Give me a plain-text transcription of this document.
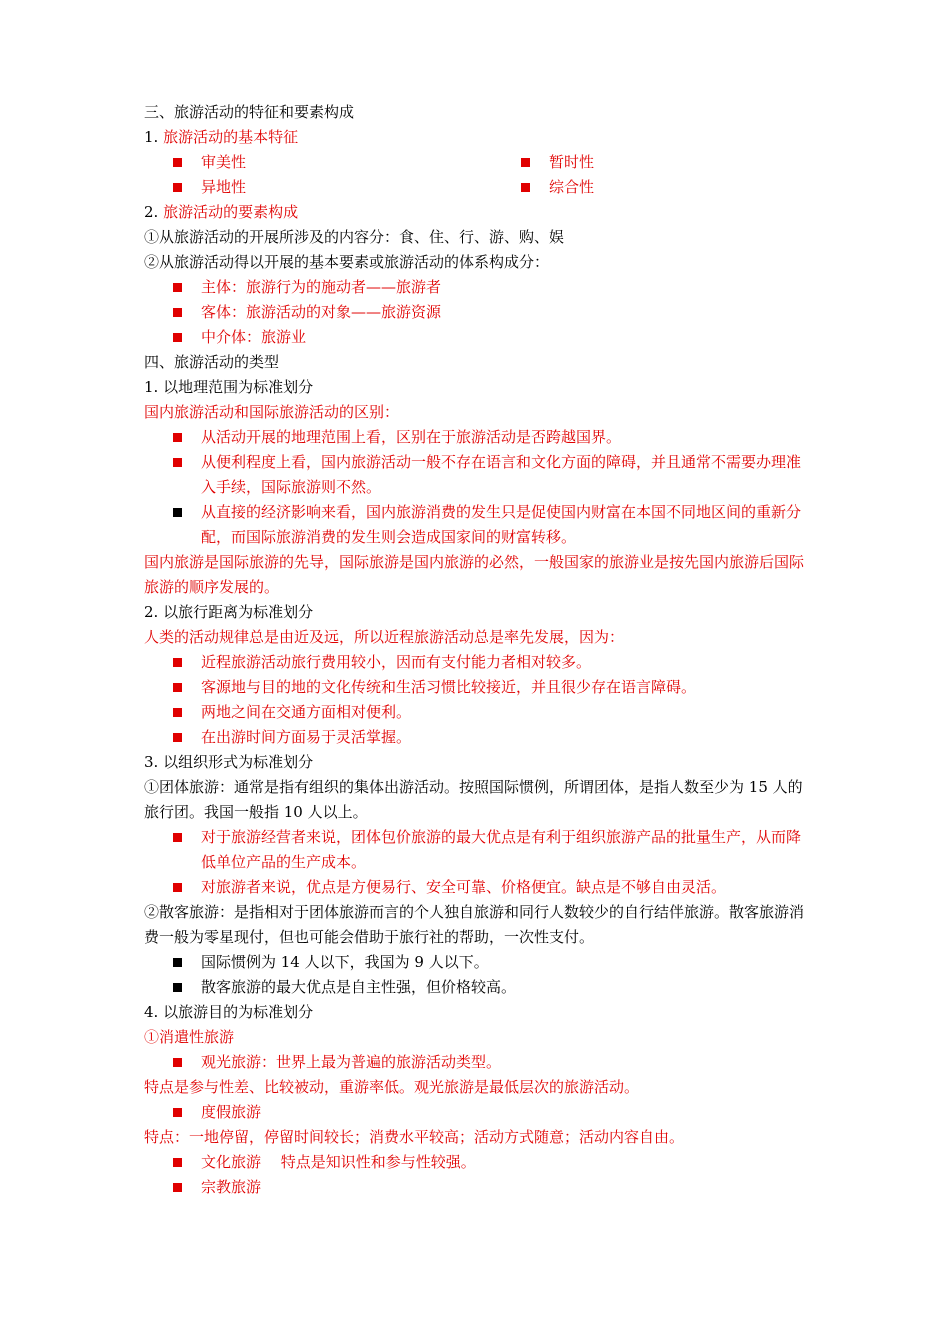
三、旅游活动的特征和要素构成
1. 旅游活动的基本特征
审美性	暂时性
异地性	综合性
2. 旅游活动的要素构成
①从旅游活动的开展所涉及的内容分：食、住、行、游、购、娱
②从旅游活动得以开展的基本要素或旅游活动的体系构成分：
主体：旅游行为的施动者——旅游者
客体：旅游活动的对象——旅游资源
中介体：旅游业
四、旅游活动的类型
1. 以地理范围为标准划分
国内旅游活动和国际旅游活动的区别：
从活动开展的地理范围上看，区别在于旅游活动是否跨越国界。
从便利程度上看，国内旅游活动一般不存在语言和文化方面的障碍，并且通常不需要办理准入手续，国际旅游则不然。
从直接的经济影响来看，国内旅游消费的发生只是促使国内财富在本国不同地区间的重新分配，而国际旅游消费的发生则会造成国家间的财富转移。
国内旅游是国际旅游的先导，国际旅游是国内旅游的必然，一般国家的旅游业是按先国内旅游后国际旅游的顺序发展的。
2. 以旅行距离为标准划分
人类的活动规律总是由近及远，所以近程旅游活动总是率先发展，因为：
近程旅游活动旅行费用较小，因而有支付能力者相对较多。
客源地与目的地的文化传统和生活习惯比较接近，并且很少存在语言障碍。
两地之间在交通方面相对便利。
在出游时间方面易于灵活掌握。
3. 以组织形式为标准划分
①团体旅游：通常是指有组织的集体出游活动。按照国际惯例，所谓团体，是指人数至少为 15 人的旅行团。我国一般指 10 人以上。
对于旅游经营者来说，团体包价旅游的最大优点是有利于组织旅游产品的批量生产，从而降低单位产品的生产成本。
对旅游者来说，优点是方便易行、安全可靠、价格便宜。缺点是不够自由灵活。
②散客旅游：是指相对于团体旅游而言的个人独自旅游和同行人数较少的自行结伴旅游。散客旅游消费一般为零星现付，但也可能会借助于旅行社的帮助，一次性支付。
国际惯例为 14 人以下，我国为 9 人以下。
散客旅游的最大优点是自主性强，但价格较高。
4. 以旅游目的为标准划分
①消遣性旅游
观光旅游：世界上最为普遍的旅游活动类型。
特点是参与性差、比较被动，重游率低。观光旅游是最低层次的旅游活动。
度假旅游
特点：一地停留，停留时间较长；消费水平较高；活动方式随意；活动内容自由。
文化旅游　 特点是知识性和参与性较强。
宗教旅游
